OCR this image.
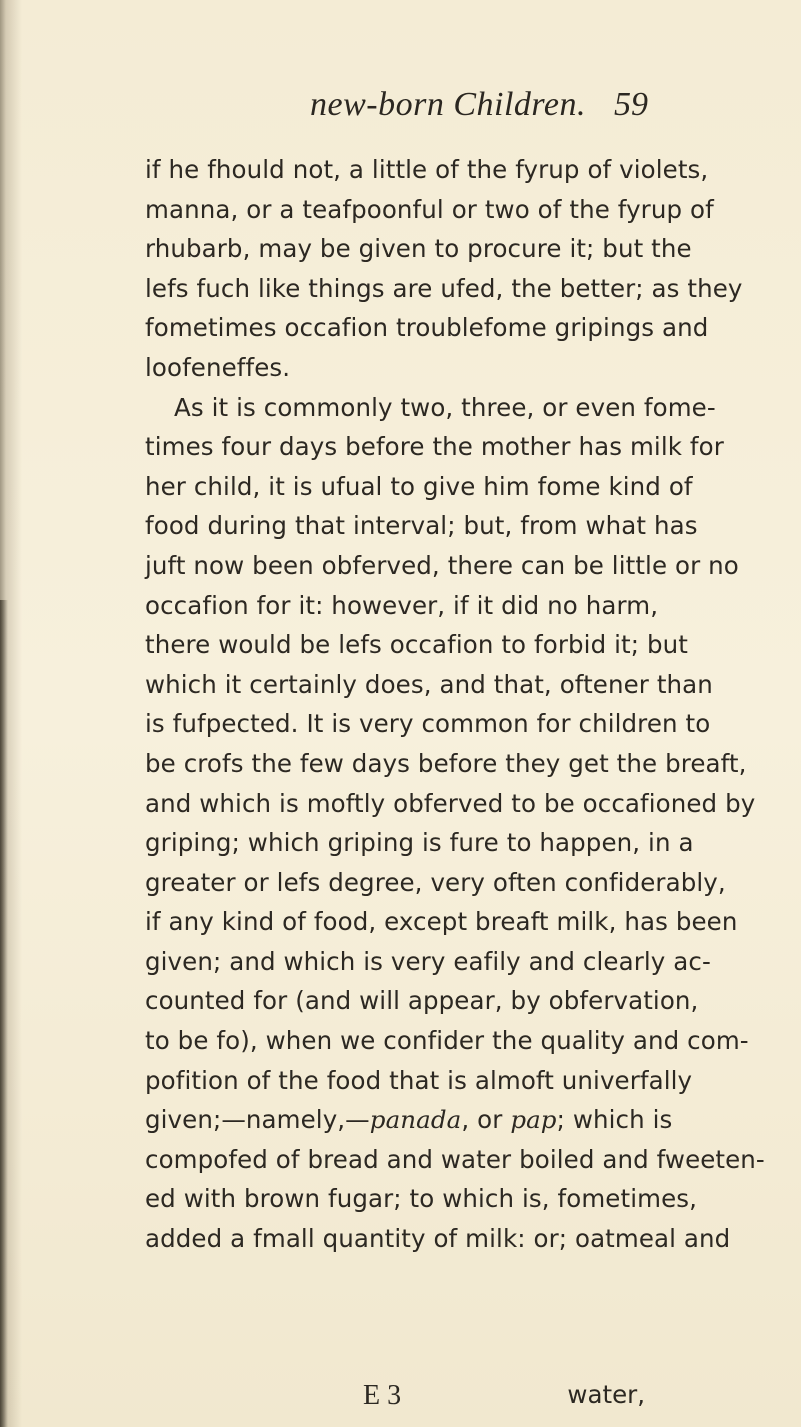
new-born Children. 59
if he fhould not, a little of the fyrup of violets,
manna, or a teafpoonful or two of the fyrup of
rhubarb, may be given to procure it; but the
lefs fuch like things are ufed, the better; as they
fometimes occafion troublefome gripings and
loofeneffes.
As it is commonly two, three, or even fome-
times four days before the mother has milk for
her child, it is ufual to give him fome kind of
food during that interval; but, from what has
juft now been obferved, there can be little or no
occafion for it: however, if it did no harm,
there would be lefs occafion to forbid it; but
which it certainly does, and that, oftener than
is fufpected. It is very common for children to
be crofs the few days before they get the breaft,
and which is moftly obferved to be occafioned by
griping; which griping is fure to happen, in a
greater or lefs degree, very often confiderably,
if any kind of food, except breaft milk, has been
given; and which is very eafily and clearly ac-
counted for (and will appear, by obfervation,
to be fo), when we confider the quality and com-
pofition of the food that is almoft univerfally
given;—namely,—panada, or pap; which is
compofed of bread and water boiled and fweeten-
ed with brown fugar; to which is, fometimes,
added a fmall quantity of milk: or; oatmeal and
E 3	water,
